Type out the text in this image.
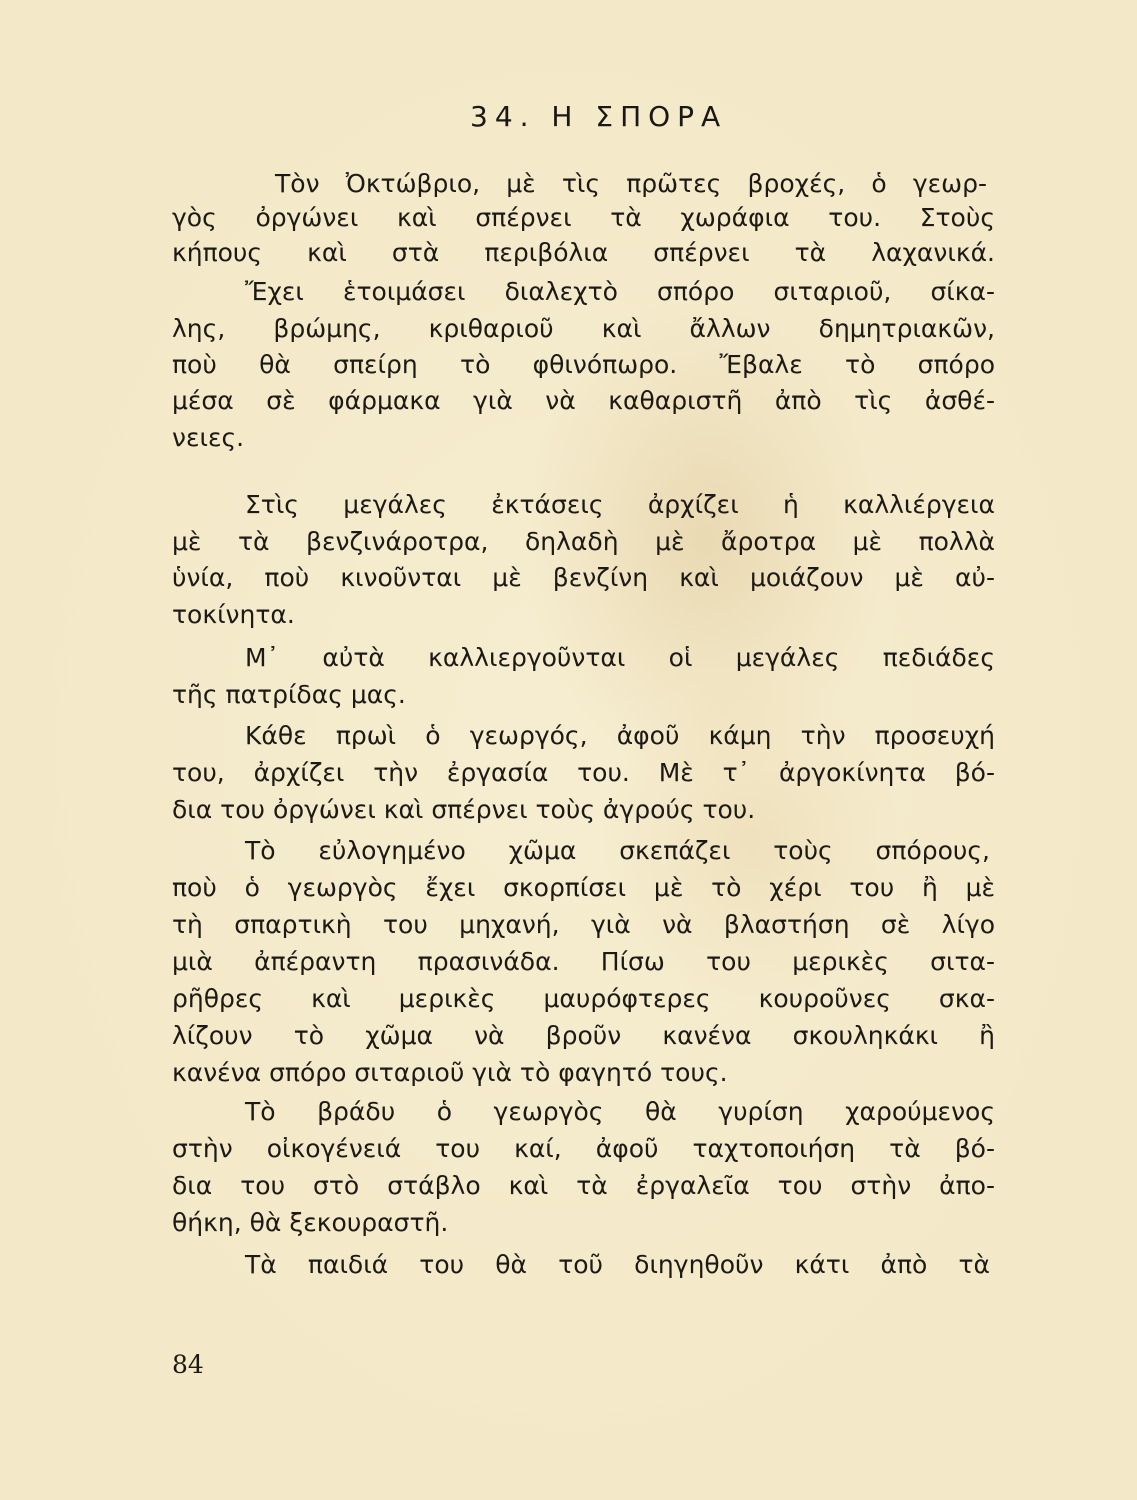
34. Η ΣΠΟΡΑ
Τὸν Ὀκτώβριο, μὲ τὶς πρῶτες βροχές, ὁ γεωρ-
γὸς ὀργώνει καὶ σπέρνει τὰ χωράφια του. Στοὺς
κήπους καὶ στὰ περιβόλια σπέρνει τὰ λαχανικά.
Ἔχει ἑτοιμάσει διαλεχτὸ σπόρο σιταριοῦ, σίκα-
λης, βρώμης, κριθαριοῦ καὶ ἄλλων δημητριακῶν,
ποὺ θὰ σπείρη τὸ φθινόπωρο. Ἔβαλε τὸ σπόρο
μέσα σὲ φάρμακα γιὰ νὰ καθαριστῆ ἀπὸ τὶς ἀσθέ-
νειες.
Στὶς μεγάλες ἐκτάσεις ἀρχίζει ἡ καλλιέργεια
μὲ τὰ βενζινάροτρα, δηλαδὴ μὲ ἄροτρα μὲ πολλὰ
ὑνία, ποὺ κινοῦνται μὲ βενζίνη καὶ μοιάζουν μὲ αὐ-
τοκίνητα.
Μ᾽ αὐτὰ καλλιεργοῦνται οἱ μεγάλες πεδιάδες
τῆς πατρίδας μας.
Κάθε πρωὶ ὁ γεωργός, ἀφοῦ κάμη τὴν προσευχή
του, ἀρχίζει τὴν ἐργασία του. Μὲ τ᾽ ἀργοκίνητα βό-
δια του ὀργώνει καὶ σπέρνει τοὺς ἀγρούς του.
Τὸ εὐλογημένο χῶμα σκεπάζει τοὺς σπόρους,
ποὺ ὁ γεωργὸς ἔχει σκορπίσει μὲ τὸ χέρι του ἢ μὲ
τὴ σπαρτικὴ του μηχανή, γιὰ νὰ βλαστήση σὲ λίγο
μιὰ ἀπέραντη πρασινάδα. Πίσω του μερικὲς σιτα-
ρῆθρες καὶ μερικὲς μαυρόφτερες κουροῦνες σκα-
λίζουν τὸ χῶμα νὰ βροῦν κανένα σκουληκάκι ἢ
κανένα σπόρο σιταριοῦ γιὰ τὸ φαγητό τους.
Τὸ βράδυ ὁ γεωργὸς θὰ γυρίση χαρούμενος
στὴν οἰκογένειά του καί, ἀφοῦ ταχτοποιήση τὰ βό-
δια του στὸ στάβλο καὶ τὰ ἐργαλεῖα του στὴν ἀπο-
θήκη, θὰ ξεκουραστῆ.
Τὰ παιδιά του θὰ τοῦ διηγηθοῦν κάτι ἀπὸ τὰ
84
